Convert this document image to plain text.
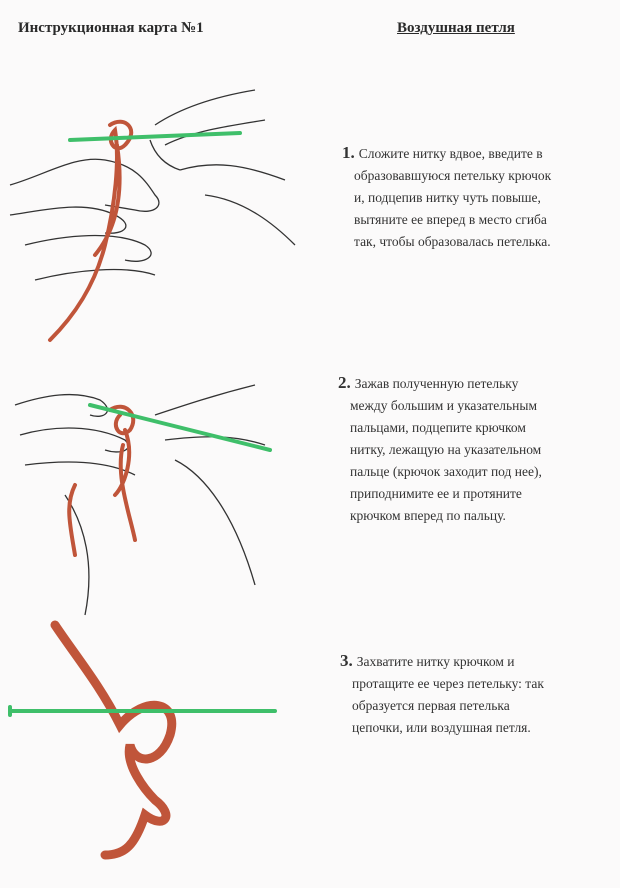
Инструкционная карта №1	Воздушная петля
1. Сложите нитку вдвое, введите в
образовавшуюся петельку крючок
и, подцепив нитку чуть повыше,
вытяните ее вперед в место сгиба
так, чтобы образовалась петелька.
2. Зажав полученную петельку
между большим и указательным
пальцами, подцепите крючком
нитку, лежащую на указательном
пальце (крючок заходит под нее),
приподнимите ее и протяните
крючком вперед по пальцу.
3. Захватите нитку крючком и
протащите ее через петельку: так
образуется первая петелька
цепочки, или воздушная петля.
